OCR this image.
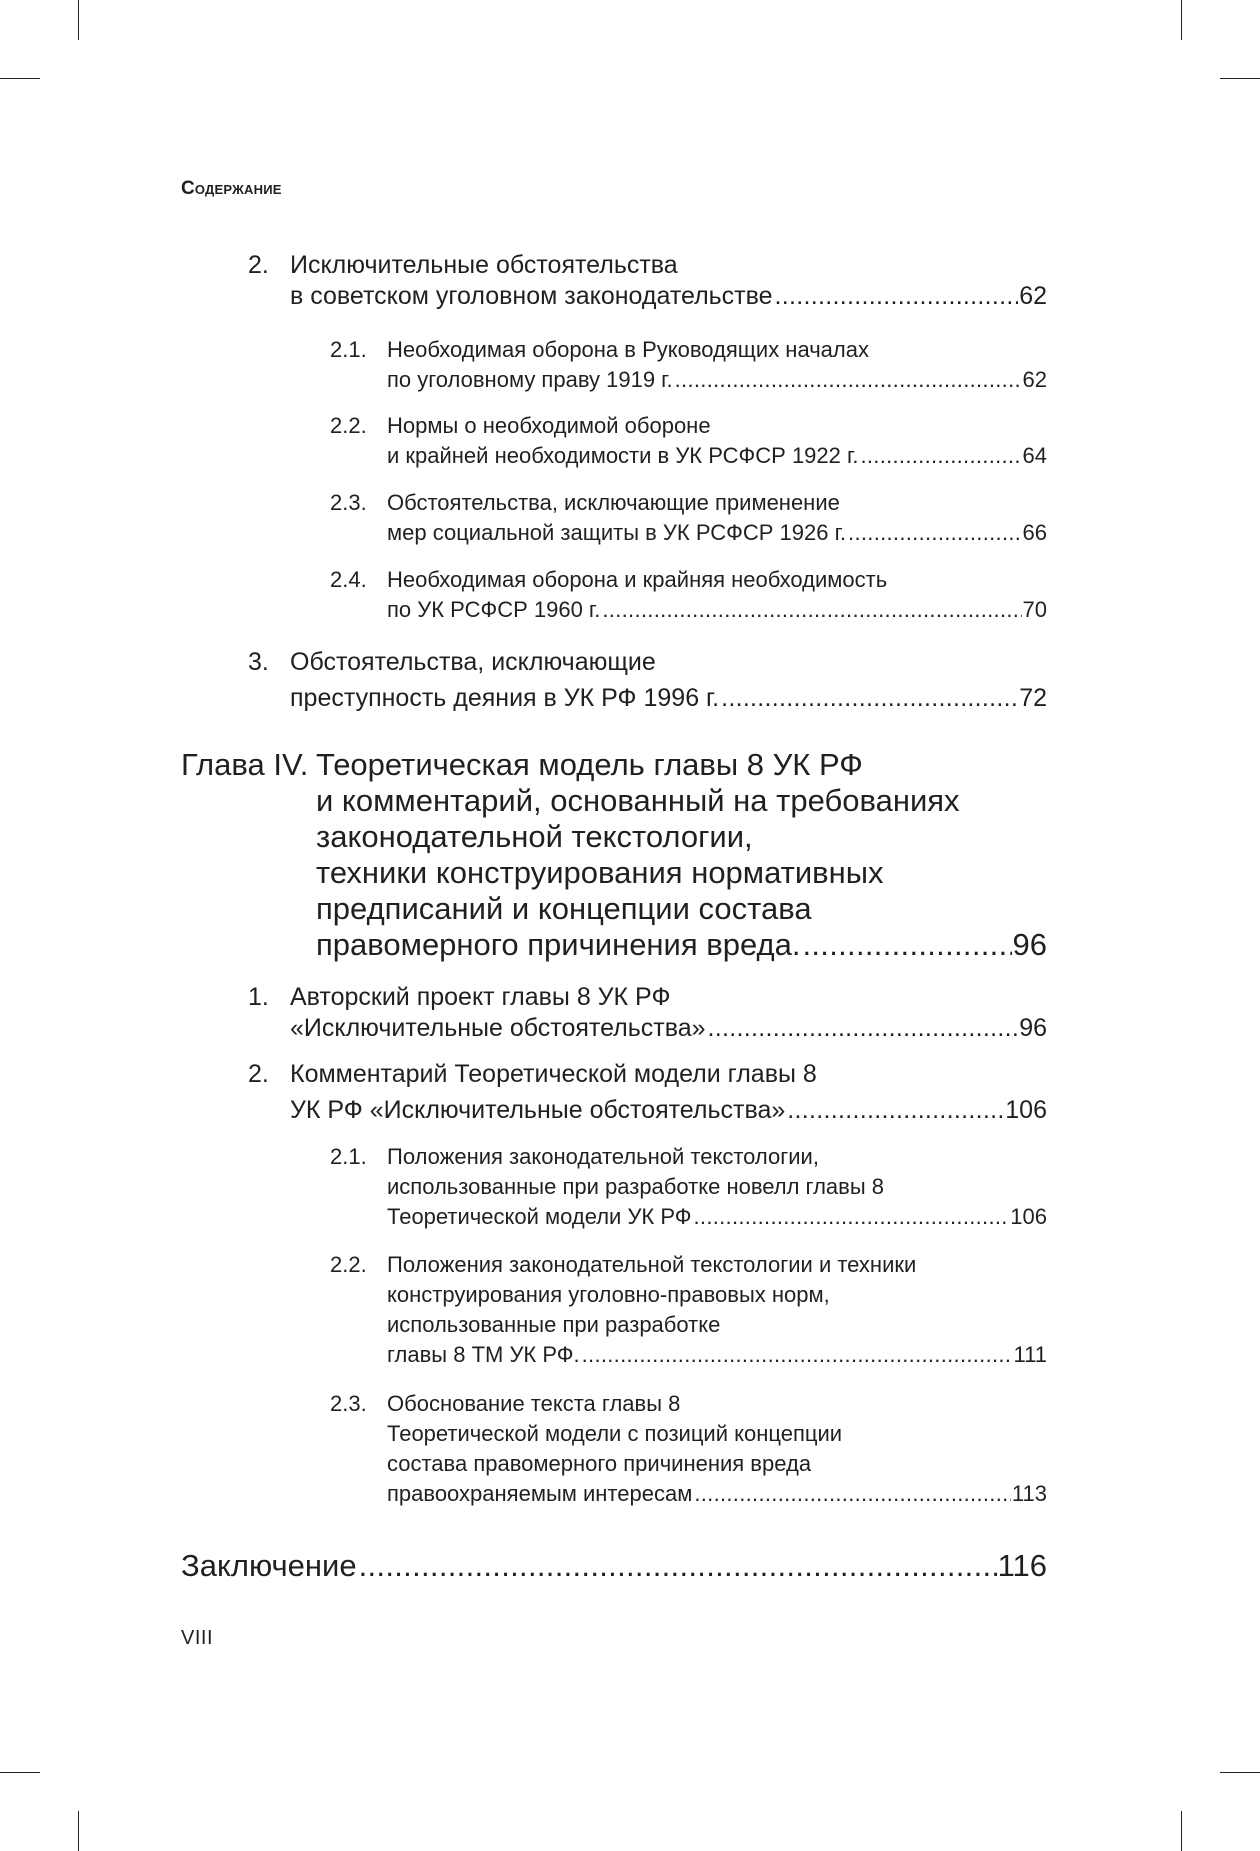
Содержание
2. Исключительные обстоятельства
в советском уголовном законодательстве .....	62
2.1. Необходимая оборона в Руководящих началах
по уголовному праву 1919 г. .....	62
2.2. Нормы о необходимой обороне
и крайней необходимости в УК РСФСР 1922 г. .....	64
2.3. Обстоятельства, исключающие применение
мер социальной защиты в УК РСФСР 1926 г. .....	66
2.4. Необходимая оборона и крайняя необходимость
по УК РСФСР 1960 г. .....	70
3. Обстоятельства, исключающие
преступность деяния в УК РФ 1996 г. .....	72
Глава IV. Теоретическая модель главы 8 УК РФ
и комментарий, основанный на требованиях
законодательной текстологии,
техники конструирования нормативных
предписаний и концепции состава
правомерного причинения вреда. .....	96
1. Авторский проект главы 8 УК РФ
«Исключительные обстоятельства» .....	96
2. Комментарий Теоретической модели главы 8
УК РФ «Исключительные обстоятельства» .....	106
2.1. Положения законодательной текстологии,
использованные при разработке новелл главы 8
Теоретической модели УК РФ .....	106
2.2. Положения законодательной текстологии и техники
конструирования уголовно-правовых норм,
использованные при разработке
главы 8 ТМ УК РФ. .....	111
2.3. Обоснование текста главы 8
Теоретической модели с позиций концепции
состава правомерного причинения вреда
правоохраняемым интересам .....	113
Заключение .....	116
VIII
